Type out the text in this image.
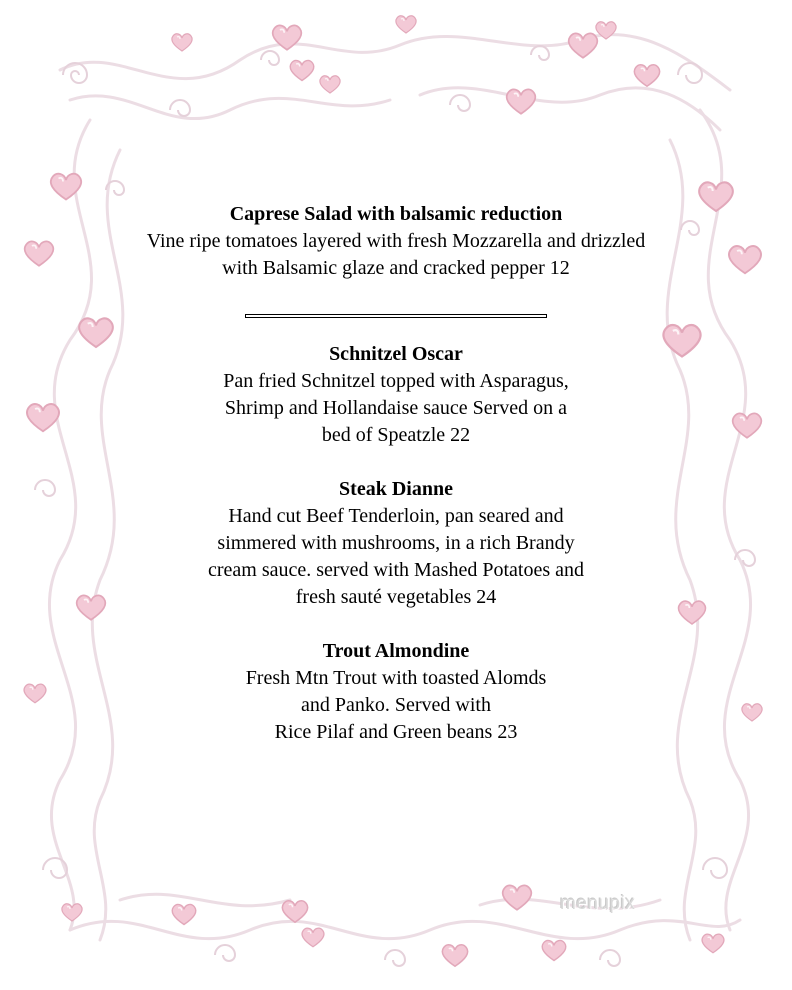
Caprese Salad with balsamic reduction

Vine ripe tomatoes layered with fresh Mozzarella and drizzled
with Balsamic glaze and cracked pepper 12

Schnitzel Oscar

Pan fried Schnitzel topped with Asparagus,
Shrimp and Hollandaise sauce Served on a
bed of Speatzle 22

Steak Dianne

Hand cut Beef Tenderloin, pan seared and
simmered with mushrooms, in a rich Brandy
cream sauce. served with Mashed Potatoes and
fresh sauté vegetables 24

Trout Almondine

Fresh Mtn Trout with toasted Alomds
and Panko. Served with
Rice Pilaf and Green beans 23

menupix
